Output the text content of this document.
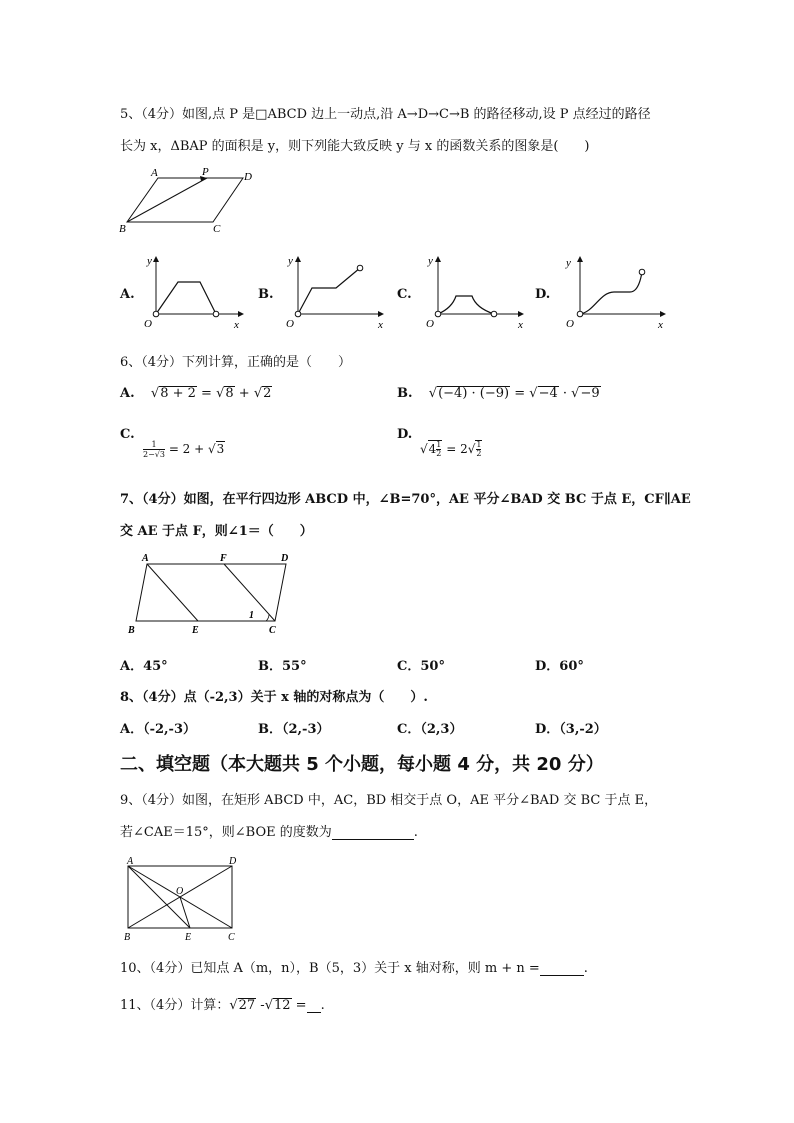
5、（4分）如图,点 P 是□ABCD 边上一动点,沿 A→D→C→B 的路径移动,设 P 点经过的路径
长为 x，ΔBAP 的面积是 y，则下列能大致反映 y 与 x 的函数关系的图象是(　　)
A	P	D
B	C
A.
y
x
O
B.
y
x
O
C.
y
x
O
D.
y
x
O
6、（4分）下列计算，正确的是（　　）
A.  √8 + 2 = √8 + √2	B.  √(−4) · (−9) = √−4 · √−9
C.
$\frac{1}{2-√3} = 2 + √3$
D.
$√4 \frac{1}{2} = 2√ \frac{1}{2}$
7、（4分）如图，在平行四边形 ABCD 中，∠B=70°，AE 平分∠BAD 交 BC 于点 E，CF∥AE
交 AE 于点 F，则∠1＝（　　）
A	F	D
B	E	C
1
A．45°	B．55°	C．50°	D．60°
8、（4分）点（-2,3）关于 x 轴的对称点为（　　）.
A．（-2,-3）	B．（2,-3）	C．（2,3）	D．（3,-2）
二、填空题（本大题共 5 个小题，每小题 4 分，共 20 分）
9、（4分）如图，在矩形 ABCD 中，AC，BD 相交于点 O，AE 平分∠BAD 交 BC 于点 E，
若∠CAE＝15°，则∠BOE 的度数为	.
A	D
O
B	E	C
10、（4分）已知点 A（m，n），B（5，3）关于 x 轴对称，则 m + n =	.
11、（4分）计算：√27 -√12 = .
